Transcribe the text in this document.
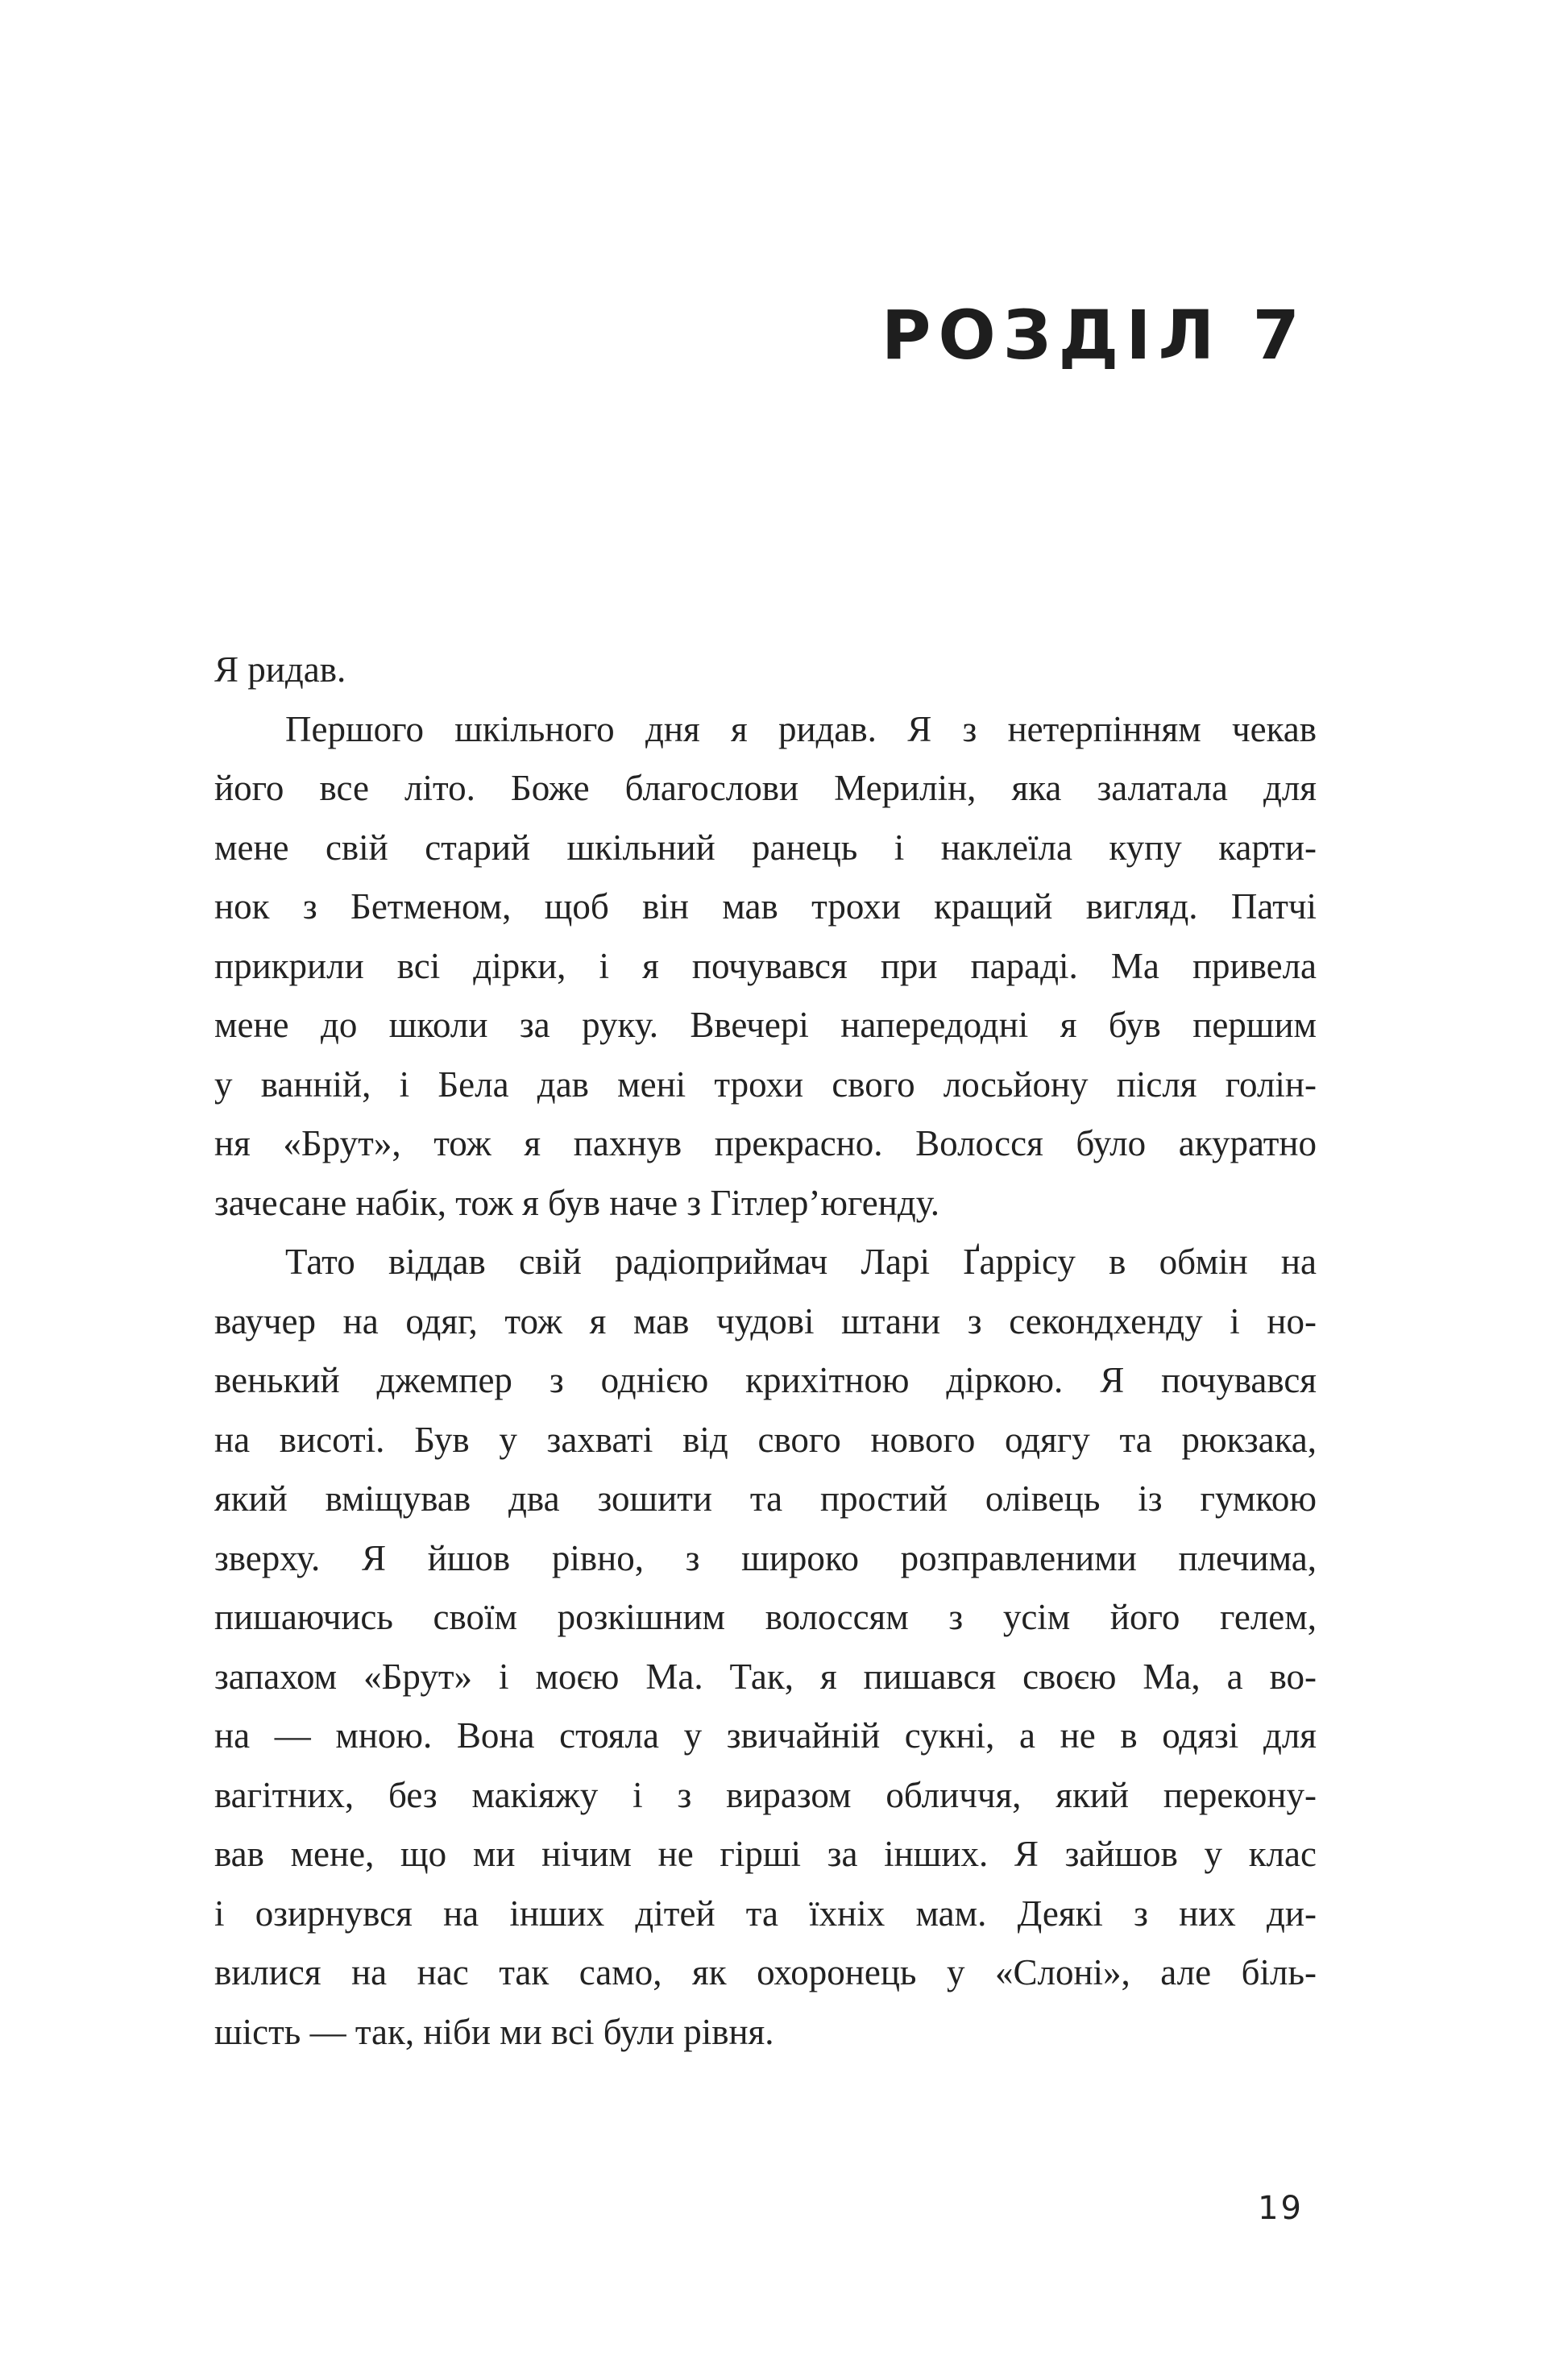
РОЗДІЛ 7
Я ридав.
Першого шкільного дня я ридав. Я з нетерпінням чекав
його все літо. Боже благослови Мерилін, яка залатала для
мене свій старий шкільний ранець і наклеїла купу карти-
нок з Бетменом, щоб він мав трохи кращий вигляд. Патчі
прикрили всі дірки, і я почувався при параді. Ма привела
мене до школи за руку. Ввечері напередодні я був першим
у ванній, і Бела дав мені трохи свого лосьйону після голін-
ня «Брут», тож я пахнув прекрасно. Волосся було акуратно
зачесане набік, тож я був наче з Гітлер’югенду.
Тато віддав свій радіоприймач Ларі Ґаррісу в обмін на
ваучер на одяг, тож я мав чудові штани з секондхенду і но-
венький джемпер з однією крихітною діркою. Я почувався
на висоті. Був у захваті від свого нового одягу та рюкзака,
який вміщував два зошити та простий олівець із гумкою
зверху. Я йшов рівно, з широко розправленими плечима,
пишаючись своїм розкішним волоссям з усім його гелем,
запахом «Брут» і моєю Ма. Так, я пишався своєю Ма, а во-
на — мною. Вона стояла у звичайній сукні, а не в одязі для
вагітних, без макіяжу і з виразом обличчя, який перекону-
вав мене, що ми нічим не гірші за інших. Я зайшов у клас
і озирнувся на інших дітей та їхніх мам. Деякі з них ди-
вилися на нас так само, як охоронець у «Слоні», але біль-
шість — так, ніби ми всі були рівня.
19
